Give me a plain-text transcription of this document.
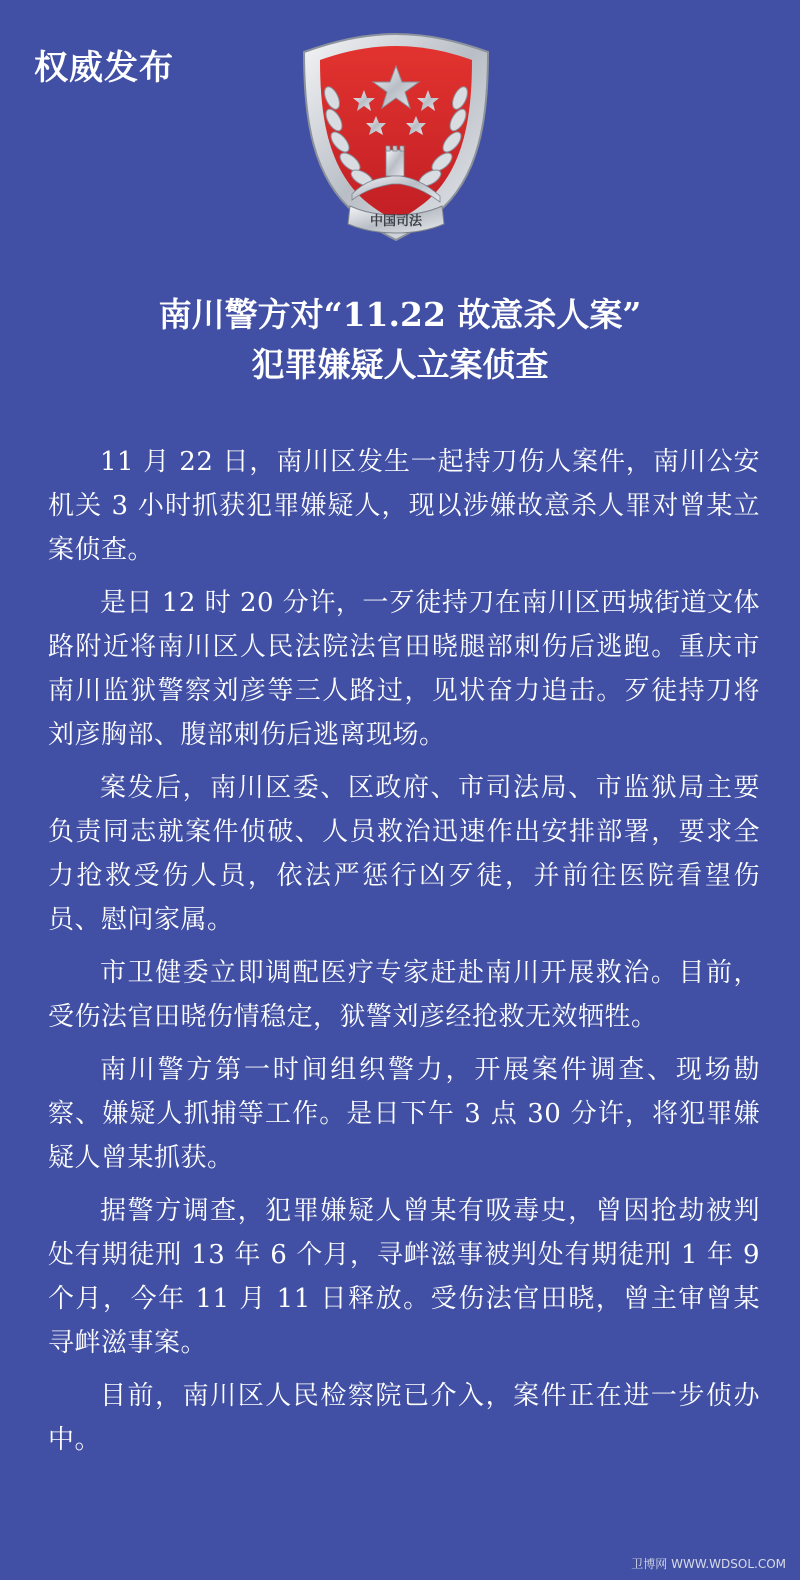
权威发布
中国司法
南川警方对“11.22 故意杀人案”
犯罪嫌疑人立案侦查

11 月 22 日，南川区发生一起持刀伤人案件，南川公安机关 3 小时抓获犯罪嫌疑人，现以涉嫌故意杀人罪对曾某立案侦查。

是日 12 时 20 分许，一歹徒持刀在南川区西城街道文体路附近将南川区人民法院法官田晓腿部刺伤后逃跑。重庆市南川监狱警察刘彦等三人路过，见状奋力追击。歹徒持刀将刘彦胸部、腹部刺伤后逃离现场。

案发后，南川区委、区政府、市司法局、市监狱局主要负责同志就案件侦破、人员救治迅速作出安排部署，要求全力抢救受伤人员，依法严惩行凶歹徒，并前往医院看望伤员、慰问家属。

市卫健委立即调配医疗专家赶赴南川开展救治。目前，受伤法官田晓伤情稳定，狱警刘彦经抢救无效牺牲。

南川警方第一时间组织警力，开展案件调查、现场勘察、嫌疑人抓捕等工作。是日下午 3 点 30 分许，将犯罪嫌疑人曾某抓获。

据警方调查，犯罪嫌疑人曾某有吸毒史，曾因抢劫被判处有期徒刑 13 年 6 个月，寻衅滋事被判处有期徒刑 1 年 9 个月，今年 11 月 11 日释放。受伤法官田晓，曾主审曾某寻衅滋事案。

目前，南川区人民检察院已介入，案件正在进一步侦办中。

卫博网 WWW.WDSOL.COM
